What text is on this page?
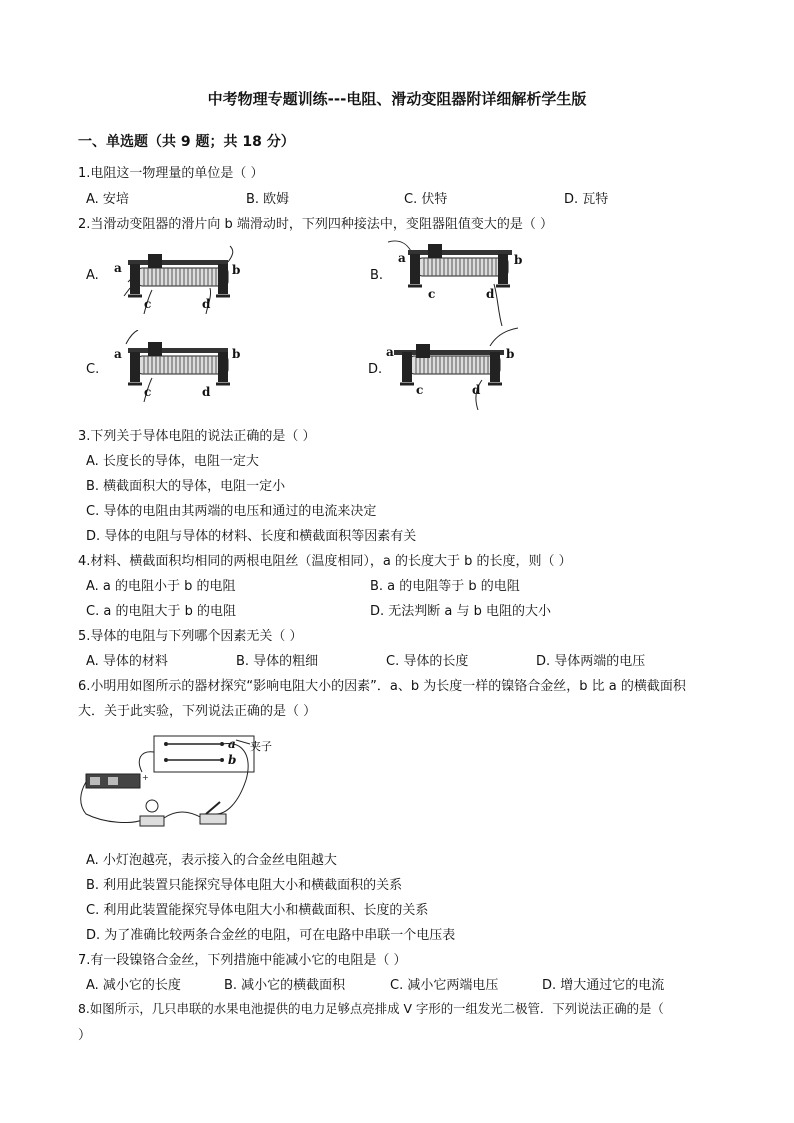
中考物理专题训练---电阻、滑动变阻器附详细解析学生版
一、单选题（共 9 题；共 18 分）
1.电阻这一物理量的单位是（ ）
A. 安培	B. 欧姆	C. 伏特	D. 瓦特
2.当滑动变阻器的滑片向 b 端滑动时，下列四种接法中，变阻器阻值变大的是（ ）
A.	B.
C.	D.
a	b
c	d
a	b
c	d
a	b
c	d
a	b
c	d
3.下列关于导体电阻的说法正确的是（ ）
A. 长度长的导体，电阻一定大
B. 横截面积大的导体，电阻一定小
C. 导体的电阻由其两端的电压和通过的电流来决定
D. 导体的电阻与导体的材料、长度和横截面积等因素有关
4.材料、横截面积均相同的两根电阻丝（温度相同），a 的长度大于 b 的长度，则（ ）
A. a 的电阻小于 b 的电阻	B. a 的电阻等于 b 的电阻
C. a 的电阻大于 b 的电阻	D. 无法判断 a 与 b 电阻的大小
5.导体的电阻与下列哪个因素无关（ ）
A. 导体的材料	B. 导体的粗细	C. 导体的长度	D. 导体两端的电压
6.小明用如图所示的器材探究“影响电阻大小的因素”．a、b 为长度一样的镍铬合金丝，b 比 a 的横截面积
大．关于此实验，下列说法正确的是（ ）
a
b
夹子
+
A. 小灯泡越亮，表示接入的合金丝电阻越大
B. 利用此装置只能探究导体电阻大小和横截面积的关系
C. 利用此装置能探究导体电阻大小和横截面积、长度的关系
D. 为了准确比较两条合金丝的电阻，可在电路中串联一个电压表
7.有一段镍铬合金丝，下列措施中能减小它的电阻是（ ）
A. 减小它的长度	B. 减小它的横截面积	C. 减小它两端电压	D. 增大通过它的电流
8.如图所示，几只串联的水果电池提供的电力足够点亮排成 V 字形的一组发光二极管．下列说法正确的是（
）
